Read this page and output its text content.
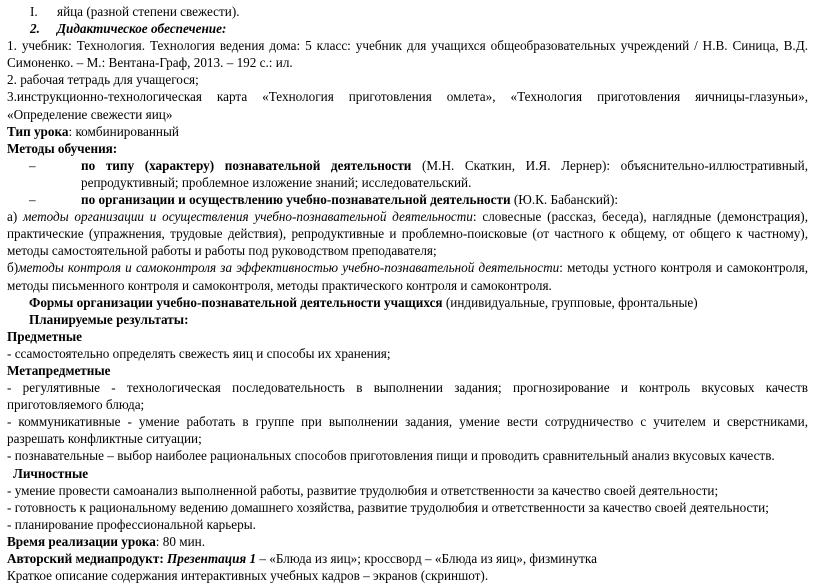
I. яйца (разной степени свежести).

2. Дидактическое обеспечение:

1. учебник: Технология. Технология ведения дома: 5 класс: учебник для учащихся общеобразовательных учреждений / Н.В. Синица, В.Д. Симоненко. – М.: Вентана-Граф, 2013. – 192 с.: ил.

2. рабочая тетрадь для учащегося;

3.инструкционно-технологическая карта «Технология приготовления омлета», «Технология приготовления яичницы-глазуньи», «Определение свежести яиц»

Тип урока: комбинированный

Методы обучения:

–	по типу (характеру) познавательной деятельности (М.Н. Скаткин, И.Я. Лернер): объяснительно-иллюстративный, репродуктивный; проблемное изложение знаний; исследовательский.

–	по организации и осуществлению учебно-познавательной деятельности (Ю.К. Бабанский):

а) методы организации и осуществления учебно-познавательной деятельности: словесные (рассказ, беседа), наглядные (демонстрация), практические (упражнения, трудовые действия), репродуктивные и проблемно-поисковые (от частного к общему, от общего к частному), методы самостоятельной работы и работы под руководством преподавателя;

б)методы контроля и самоконтроля за эффективностью учебно-познавательной деятельности: методы устного контроля и самоконтроля, методы письменного контроля и самоконтроля, методы практического контроля и самоконтроля.

Формы организации учебно-познавательной деятельности учащихся (индивидуальные, групповые, фронтальные)

Планируемые результаты:

Предметные

- ссамостоятельно определять свежесть яиц и способы их хранения;

Метапредметные

- регулятивные - технологическая последовательность в выполнении задания; прогнозирование и контроль вкусовых качеств приготовляемого блюда;

- коммуникативные - умение работать в группе при выполнении задания, умение вести сотрудничество с учителем и сверстниками, разрешать конфликтные ситуации;

- познавательные – выбор наиболее рациональных способов приготовления пищи и проводить сравнительный анализ вкусовых качеств.

Личностные

- умение провести самоанализ выполненной работы, развитие трудолюбия и ответственности за качество своей деятельности;

- готовность к рациональному ведению домашнего хозяйства, развитие трудолюбия и ответственности за качество своей деятельности;

- планирование профессиональной карьеры.

Время реализации урока: 80 мин.

Авторский медиапродукт: Презентация 1 – «Блюда из яиц»; кроссворд – «Блюда из яиц», физминутка

Краткое описание содержания интерактивных учебных кадров – экранов (скриншот).
